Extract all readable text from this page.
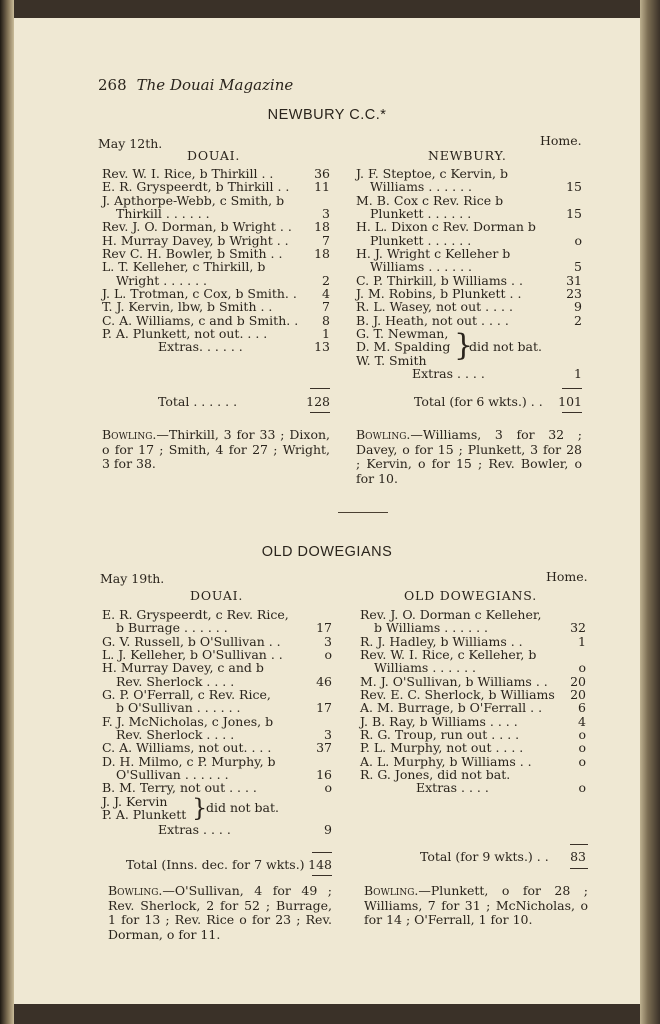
268 The Douai Magazine
NEWBURY C.C.*
May 12th.	Home.
DOUAI.	NEWBURY.
Rev. W. I. Rice, b Thirkill . .	36
E. R. Gryspeerdt, b Thirkill . . 11
J. Apthorpe-Webb, c Smith, b
Thirkill . . . . . .	3
Rev. J. O. Dorman, b Wright . . 18
H. Murray Davey, b Wright . .	7
Rev C. H. Bowler, b Smith . .	18
L. T. Kelleher, c Thirkill, b
Wright . . . . . .	2
J. L. Trotman, c Cox, b Smith. . 4
T. J. Kervin, lbw, b Smith . .	7
C. A. Williams, c and b Smith. . 8
P. A. Plunkett, not out. . . .	1
Extras. . . . . .	13
Total . . . . . .	128
Bowling.—Thirkill, 3 for 33 ; Dixon, o for 17 ; Smith, 4 for 27 ; Wright, 3 for 38.
J. F. Steptoe, c Kervin, b
Williams . . . . . .	15
M. B. Cox c Rev. Rice b
Plunkett . . . . . .	15
H. L. Dixon c Rev. Dorman b
Plunkett . . . . . .	o
H. J. Wright c Kelleher b
Williams . . . . . .	5
C. P. Thirkill, b Williams . .	31
J. M. Robins, b Plunkett . .	23
R. L. Wasey, not out . . . .	9
B. J. Heath, not out . . . .	2
G. T. Newman,
D. M. Spalding
W. T. Smith }
did not bat.
Extras . . . .	1
Total (for 6 wkts.) . . 101
Bowling.—Williams, 3 for 32 ; Davey, o for 15 ; Plunkett, 3 for 28 ; Kervin, o for 15 ; Rev. Bowler, o for 10.
OLD DOWEGIANS
May 19th.	Home.
DOUAI.	OLD DOWEGIANS.
E. R. Gryspeerdt, c Rev. Rice,
b Burrage . . . . . .	17
G. V. Russell, b O'Sullivan . .	3
L. J. Kelleher, b O'Sullivan . .	o
H. Murray Davey, c and b
Rev. Sherlock . . . .	46
G. P. O'Ferrall, c Rev. Rice,
b O'Sullivan . . . . . .	17
F. J. McNicholas, c Jones, b
Rev. Sherlock . . . .	3
C. A. Williams, not out. . . .	37
D. H. Milmo, c P. Murphy, b
O'Sullivan . . . . . .	16
B. M. Terry, not out . . . .	o
J. J. Kervin
P. A. Plunkett }
did not bat.
Extras . . . .	9
Total (Inns. dec. for 7 wkts.) 148
Bowling.—O'Sullivan, 4 for 49 ; Rev. Sherlock, 2 for 52 ; Burrage, 1 for 13 ; Rev. Rice o for 23 ; Rev. Dorman, o for 11.
Rev. J. O. Dorman c Kelleher,
b Williams . . . . . .	32
R. J. Hadley, b Williams . .	1
Rev. W. I. Rice, c Kelleher, b
Williams . . . . . .	o
M. J. O'Sullivan, b Williams . . 20
Rev. E. C. Sherlock, b Williams 20
A. M. Burrage, b O'Ferrall . .	6
J. B. Ray, b Williams . . . .	4
R. G. Troup, run out . . . .	o
P. L. Murphy, not out . . . .	o
A. L. Murphy, b Williams . .	o
R. G. Jones, did not bat.
Extras . . . .	o
Total (for 9 wkts.) . . 83
Bowling.—Plunkett, o for 28 ; Williams, 7 for 31 ; McNicholas, o for 14 ; O'Ferrall, 1 for 10.
